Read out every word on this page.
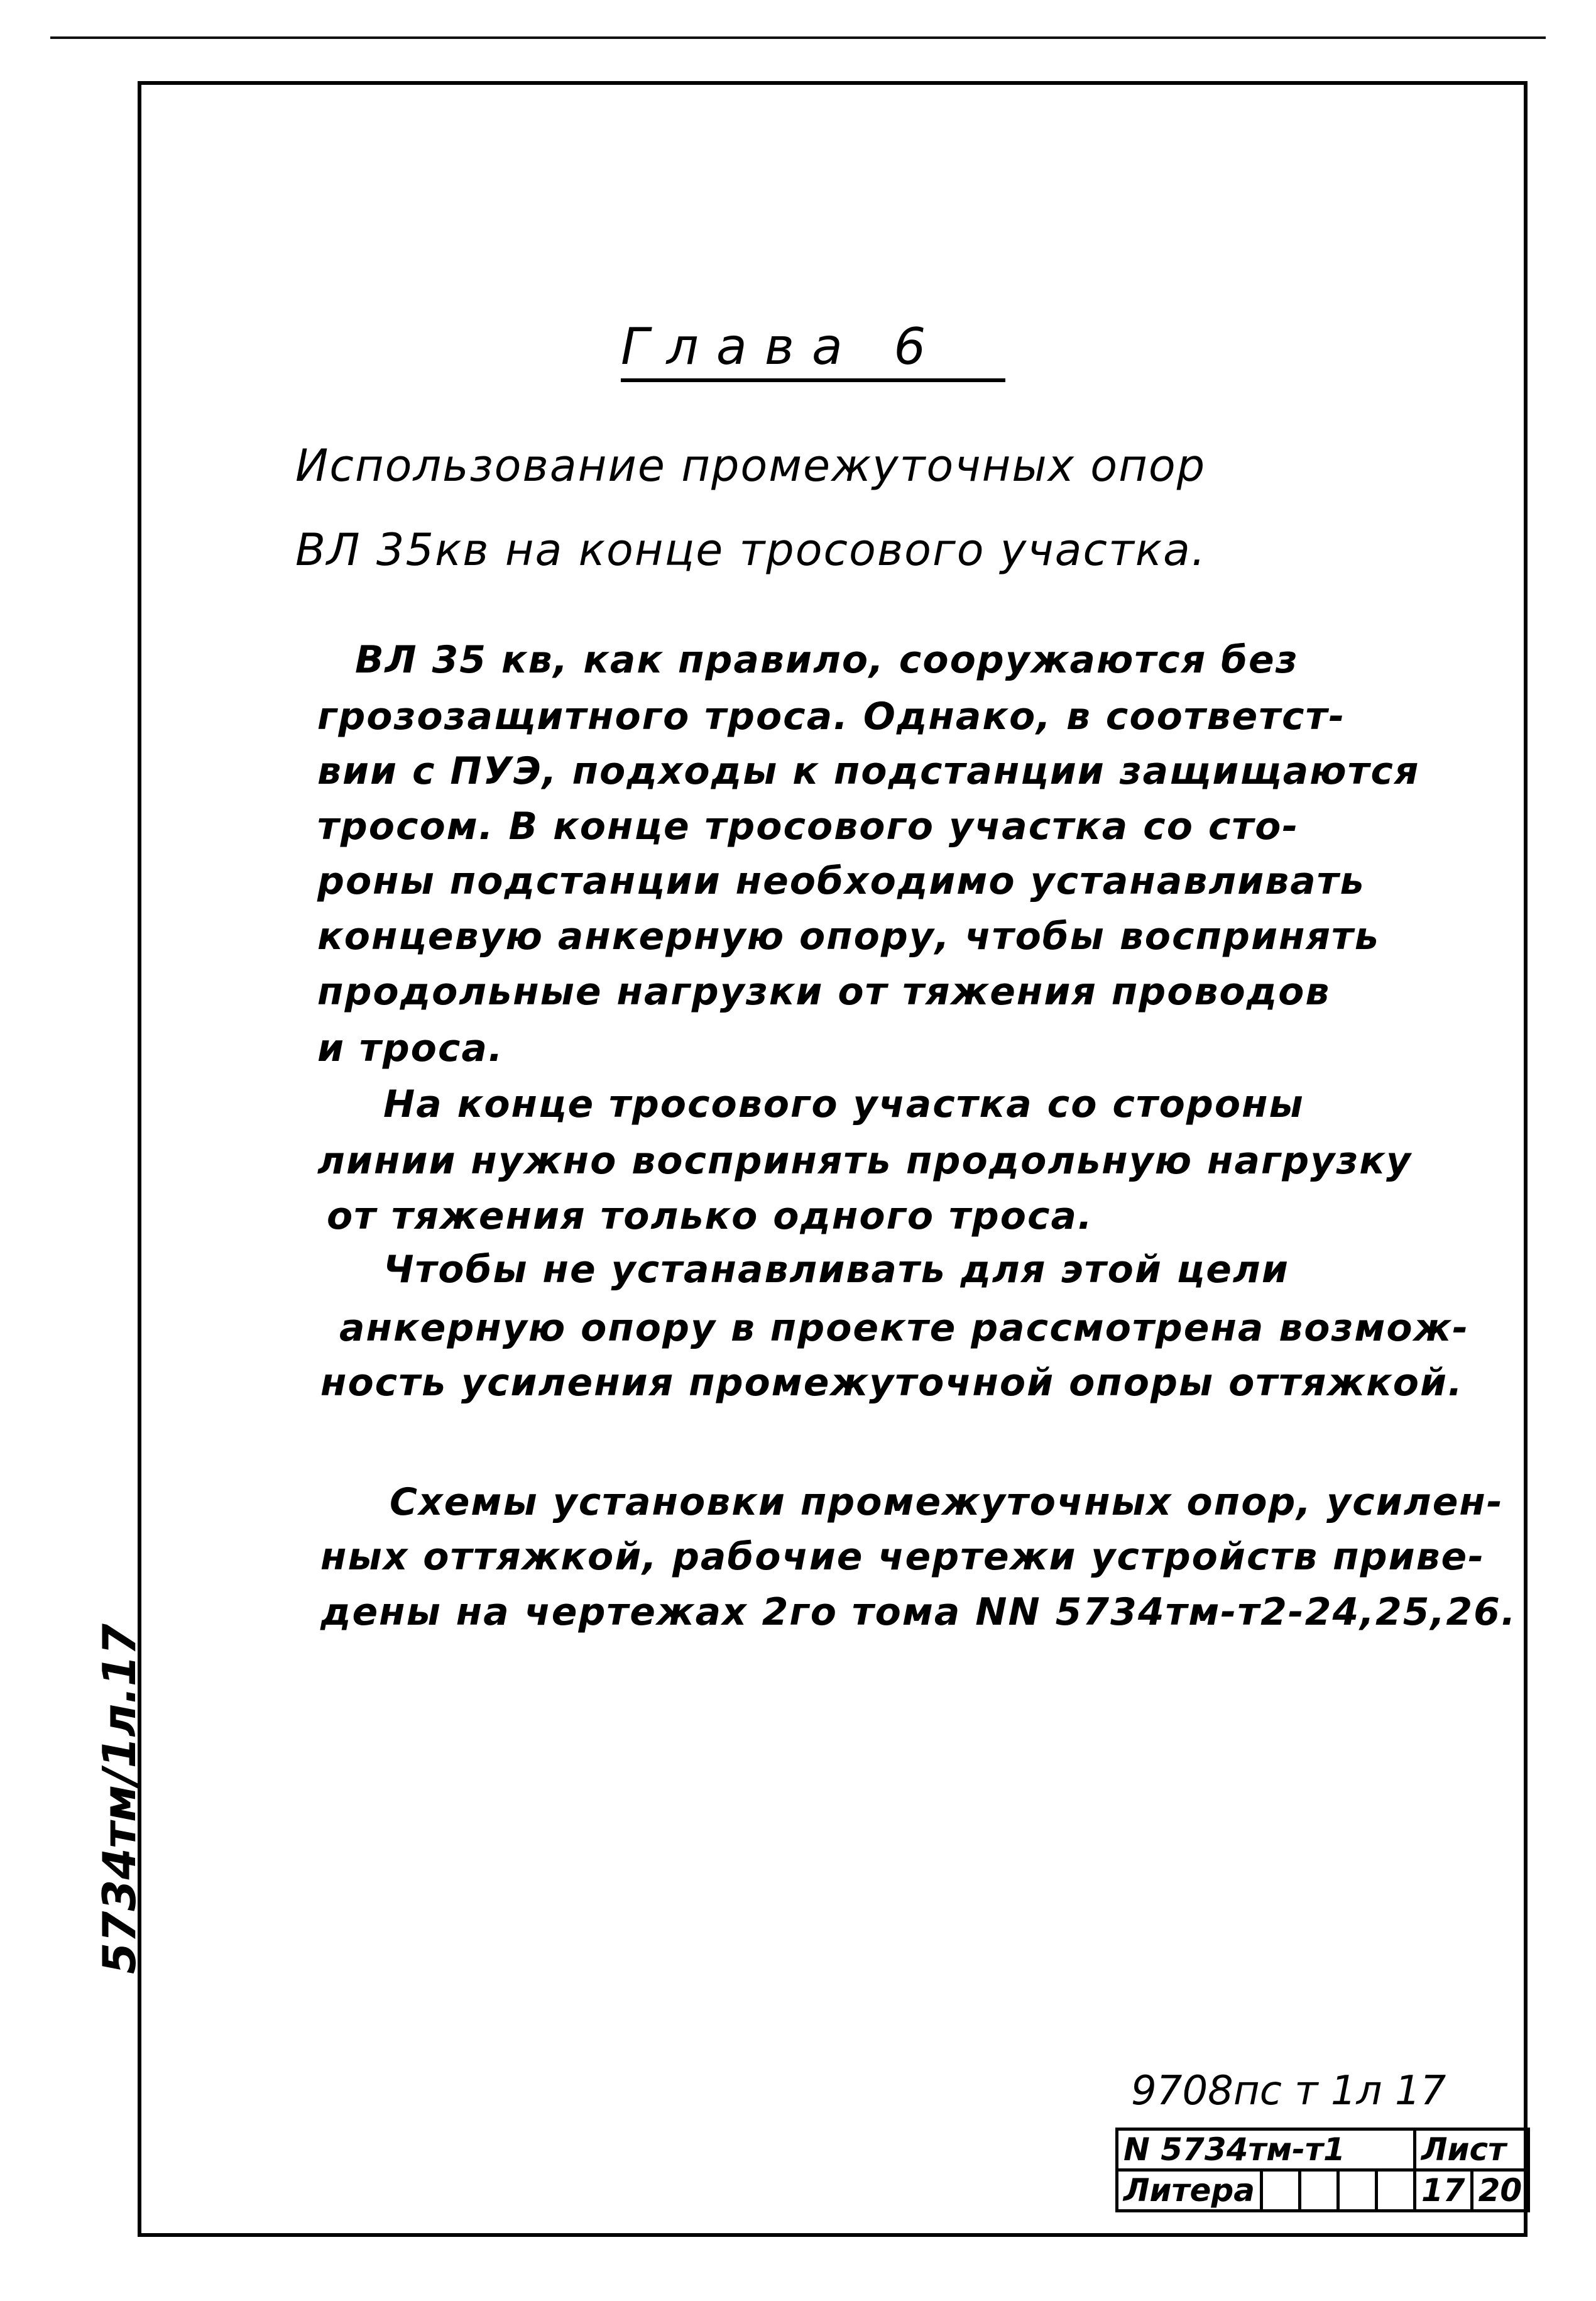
Глава 6
Использование промежуточных опор
ВЛ 35кв на конце тросового участка.
ВЛ 35 кв, как правило, сооружаются без
грозозащитного троса. Однако, в соответст-
вии с ПУЭ, подходы к подстанции защищаются
тросом. В конце тросового участка со сто-
роны подстанции необходимо устанавливать
концевую анкерную опору, чтобы воспринять
продольные нагрузки от тяжения проводов
и троса.
На конце тросового участка со стороны
линии нужно воспринять продольную нагрузку
от тяжения только одного троса.
Чтобы не устанавливать для этой цели
анкерную опору в проекте рассмотрена возмож-
ность усиления промежуточной опоры оттяжкой.
Схемы установки промежуточных опор, усилен-
ных оттяжкой, рабочие чертежи устройств приве-
дены на чертежах 2го тома NN 5734тм-т2-24,25,26.
5734тм/1л.17
9708пс т 1л 17
N 5734тм-т1					Лист	
Литера					17	20
